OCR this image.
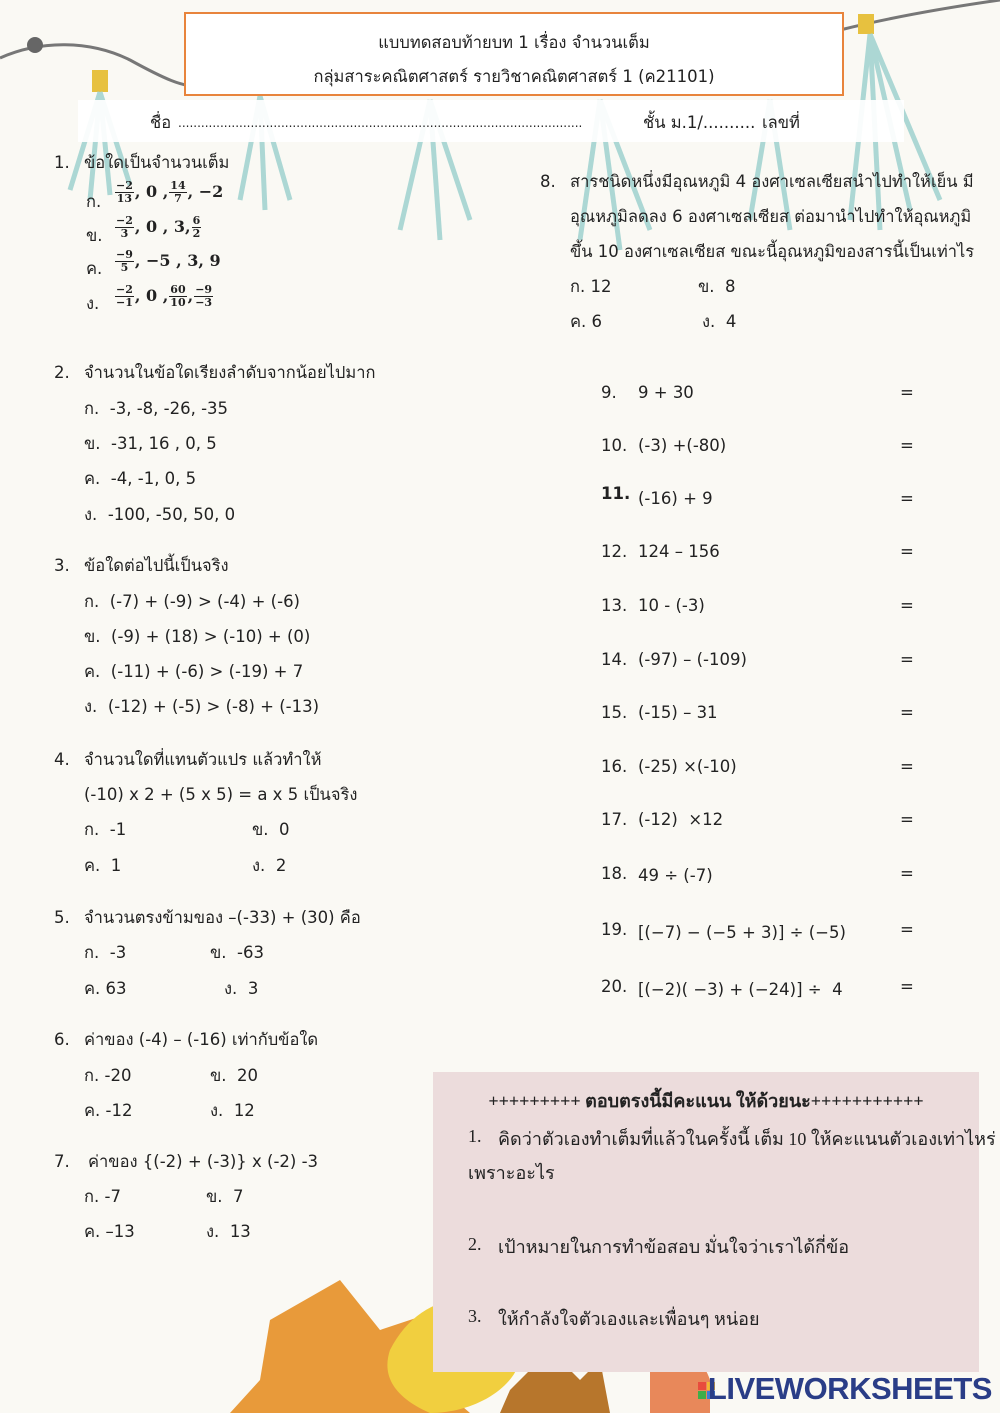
แบบทดสอบท้ายบท 1 เรื่อง จำนวนเต็ม
กลุ่มสาระคณิตศาสตร์ รายวิชาคณิตศาสตร์ 1 (ค21101)
ชื่อ ..........................................................................................................	ชั้น ม.1/.......... เลขที่
1. ข้อใดเป็นจำนวนเต็ม
ก. $\frac{-2}{13}$ , 0 , $\frac{14}{7}$ , −2
ข. $\frac{-2}{3}$ , 0 , 3, $\frac{6}{2}$
ค. $\frac{-9}{5}$ , −5 , 3, 9
ง. $\frac{-2}{-1}$ , 0 , $\frac{60}{10}$ , $\frac{-9}{-3}$
2. จำนวนในข้อใดเรียงลำดับจากน้อยไปมาก
ก. -3, -8, -26, -35
ข. -31, 16 , 0, 5
ค. -4, -1, 0, 5
ง. -100, -50, 50, 0
3. ข้อใดต่อไปนี้เป็นจริง
ก. (-7) + (-9) > (-4) + (-6)
ข. (-9) + (18) > (-10) + (0)
ค. (-11) + (-6) > (-19) + 7
ง. (-12) + (-5) > (-8) + (-13)
4. จำนวนใดที่แทนตัวแปร แล้วทำให้
(-10) x 2 + (5 x 5) = a x 5 เป็นจริง
ก. -1	ข. 0
ค. 1	ง. 2
5. จำนวนตรงข้ามของ –(-33) + (30) คือ
ก. -3	ข. -63
ค. 63	ง. 3
6. ค่าของ (-4) – (-16) เท่ากับข้อใด
ก. -20	ข. 20
ค. -12	ง. 12
7. ค่าของ {(-2) + (-3)} x (-2) -3
ก. -7	ข. 7
ค. –13	ง. 13
8. สารชนิดหนึ่งมีอุณหภูมิ 4 องศาเซลเซียสนำไปทำให้เย็น มี
อุณหภูมิลดลง 6 องศาเซลเซียส ต่อมานำไปทำให้อุณหภูมิ
ขึ้น 10 องศาเซลเซียส ขณะนี้อุณหภูมิของสารนี้เป็นเท่าไร
ก. 12	ข. 8
ค. 6	ง. 4
9. 9 + 30	=
10. (-3) +(-80)	=
11. (-16) + 9	=
12. 124 – 156	=
13. 10 - (-3)	=
14. (-97) – (-109)	=
15. (-15) – 31	=
16. (-25) ×(-10)	=
17. (-12)  ×12	=
18. 49 ÷ (-7)	=
19. [(−7) − (−5 + 3)] ÷ (−5)	=
20. [(−2)( −3) + (−24)] ÷  4	=
+++++++++ ตอบตรงนี้มีคะแนน ให้ด้วยนะ+++++++++++
1. คิดว่าตัวเองทำเต็มที่แล้วในครั้งนี้ เต็ม 10 ให้คะแนนตัวเองเท่าไหร่
เพราะอะไร
2. เป้าหมายในการทำข้อสอบ มั่นใจว่าเราได้กี่ข้อ
3. ให้กำลังใจตัวเองและเพื่อนๆ หน่อย
LIVEWORKSHEETS
